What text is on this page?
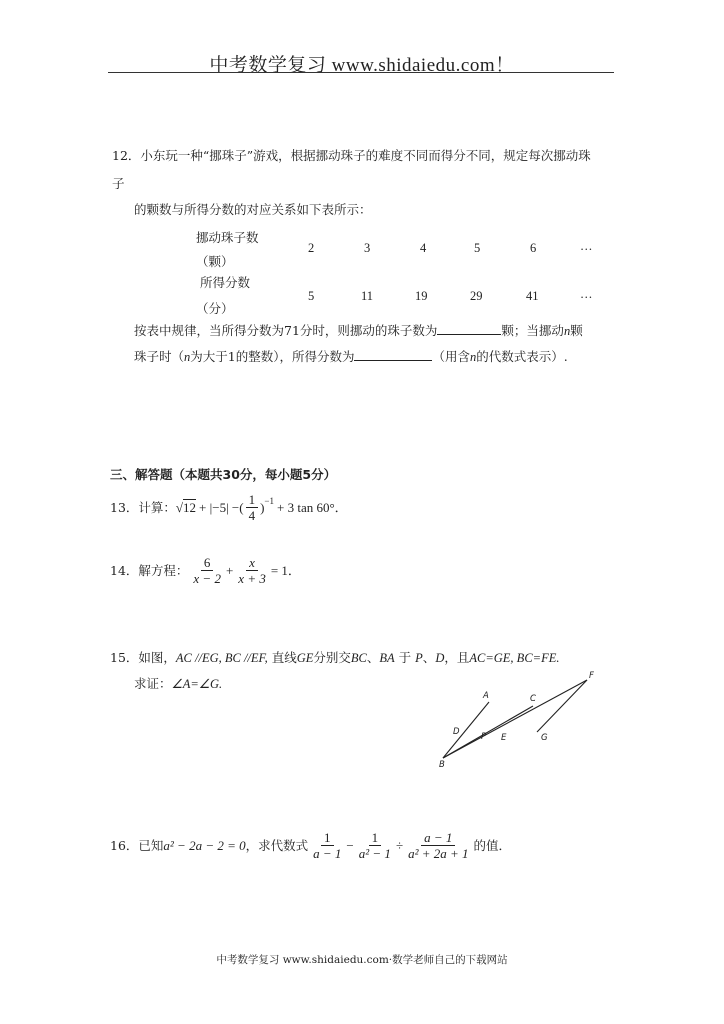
中考数学复习 www.shidaiedu.com！
12．小东玩一种“挪珠子”游戏，根据挪动珠子的难度不同而得分不同，规定每次挪动珠
子
的颗数与所得分数的对应关系如下表所示：
挪动珠子数
（颗）
2	3	4	5	6	…
所得分数
（分）
5	11	19	29	41	…
按表中规律，当所得分数为71分时，则挪动的珠子数为	颗；当挪动n颗
珠子时（n为大于1的整数），所得分数为	（用含n的代数式表示）.
三、解答题（本题共30分，每小题5分）
13．计算： √12 + |−5| −( $\frac{1}{4} )^{-1} + 3$ tan 60°．
14．解方程： $\frac{6}{x - 2} + \frac{x}{x + 3} = 1$．
15．如图，AC //EG, BC //EF, 直线GE分别交BC、BA 于 P、D，且AC=GE, BC=FE.
求证：∠A=∠G.
A	C
F
D	P E	G
B
16．已知 a² − 2a − 2 = 0 ，求代数式 $\frac{1}{a - 1} - \frac{1}{\text{a² − 1}} \div \frac{a - 1}{\text{a² + 2a + 1}}$ 的值．
中考数学复习 www.shidaiedu.com·数学老师自己的下载网站
